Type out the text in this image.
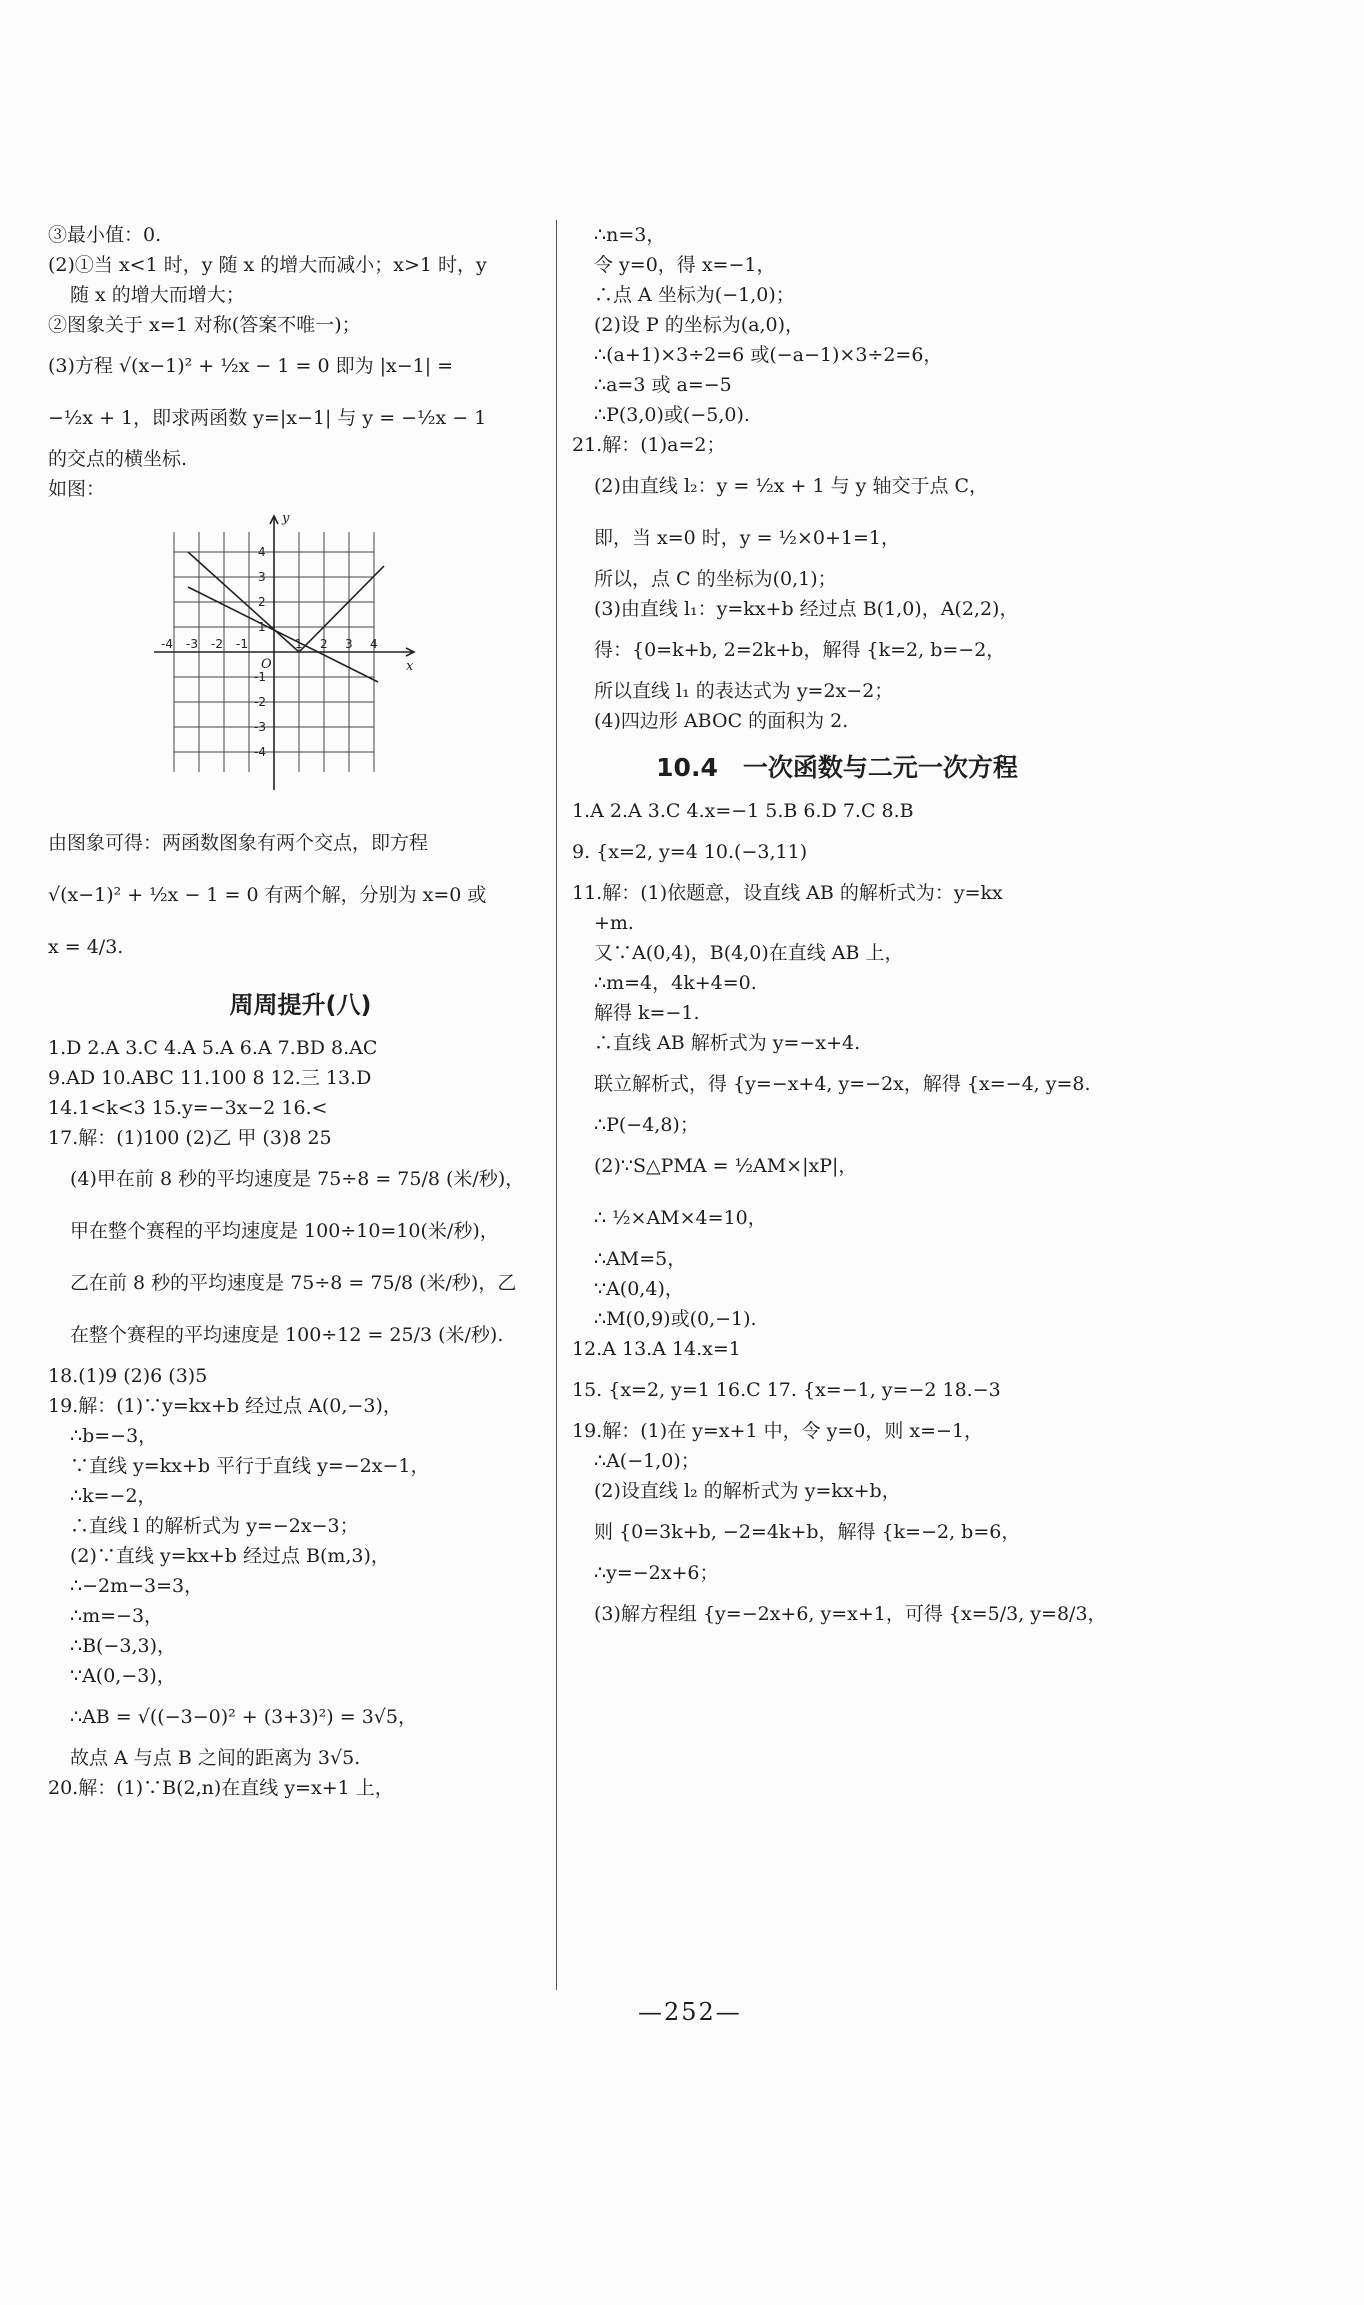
③最小值：0.
(2)①当 x<1 时，y 随 x 的增大而减小；x>1 时，y
随 x 的增大而增大；
②图象关于 x=1 对称(答案不唯一)；
(3)方程 √(x−1)² + ½x − 1 = 0 即为 |x−1| =
−½x + 1，即求两函数 y=|x−1| 与 y = −½x − 1
的交点的横坐标.
如图：
y
x
O
-4 -3 -2 -1	1 2 3 4
4
3
2
1
-1
-2
-3
-4
由图象可得：两函数图象有两个交点，即方程
√(x−1)² + ½x − 1 = 0 有两个解，分别为 x=0 或
x = 4/3.
周周提升(八)
1.D 2.A 3.C 4.A 5.A 6.A 7.BD 8.AC
9.AD 10.ABC 11.100 8 12.三 13.D
14.1<k<3 15.y=−3x−2 16.<
17.解：(1)100 (2)乙 甲 (3)8 25
(4)甲在前 8 秒的平均速度是 75÷8 = 75/8 (米/秒)，
甲在整个赛程的平均速度是 100÷10=10(米/秒)，
乙在前 8 秒的平均速度是 75÷8 = 75/8 (米/秒)，乙
在整个赛程的平均速度是 100÷12 = 25/3 (米/秒).
18.(1)9 (2)6 (3)5
19.解：(1)∵y=kx+b 经过点 A(0,−3)，
∴b=−3，
∵直线 y=kx+b 平行于直线 y=−2x−1，
∴k=−2，
∴直线 l 的解析式为 y=−2x−3；
(2)∵直线 y=kx+b 经过点 B(m,3)，
∴−2m−3=3，
∴m=−3，
∴B(−3,3)，
∵A(0,−3)，
∴AB = √((−3−0)² + (3+3)²) = 3√5，
故点 A 与点 B 之间的距离为 3√5.
20.解：(1)∵B(2,n)在直线 y=x+1 上，
∴n=3，
令 y=0，得 x=−1，
∴点 A 坐标为(−1,0)；
(2)设 P 的坐标为(a,0)，
∴(a+1)×3÷2=6 或(−a−1)×3÷2=6，
∴a=3 或 a=−5
∴P(3,0)或(−5,0).
21.解：(1)a=2；
(2)由直线 l₂：y = ½x + 1 与 y 轴交于点 C，
即，当 x=0 时，y = ½×0+1=1，
所以，点 C 的坐标为(0,1)；
(3)由直线 l₁：y=kx+b 经过点 B(1,0)，A(2,2)，
得：{0=k+b, 2=2k+b，解得 {k=2, b=−2，
所以直线 l₁ 的表达式为 y=2x−2；
(4)四边形 ABOC 的面积为 2.
10.4　一次函数与二元一次方程
1.A 2.A 3.C 4.x=−1 5.B 6.D 7.C 8.B
9. {x=2, y=4 10.(−3,11)
11.解：(1)依题意，设直线 AB 的解析式为：y=kx
+m.
又∵A(0,4)，B(4,0)在直线 AB 上，
∴m=4，4k+4=0.
解得 k=−1.
∴直线 AB 解析式为 y=−x+4.
联立解析式，得 {y=−x+4, y=−2x，解得 {x=−4, y=8.
∴P(−4,8)；
(2)∵S△PMA = ½AM×|xP|，
∴ ½×AM×4=10，
∴AM=5，
∵A(0,4)，
∴M(0,9)或(0,−1).
12.A 13.A 14.x=1
15. {x=2, y=1 16.C 17. {x=−1, y=−2 18.−3
19.解：(1)在 y=x+1 中，令 y=0，则 x=−1，
∴A(−1,0)；
(2)设直线 l₂ 的解析式为 y=kx+b，
则 {0=3k+b, −2=4k+b，解得 {k=−2, b=6，
∴y=−2x+6；
(3)解方程组 {y=−2x+6, y=x+1，可得 {x=5/3, y=8/3，
—252—
